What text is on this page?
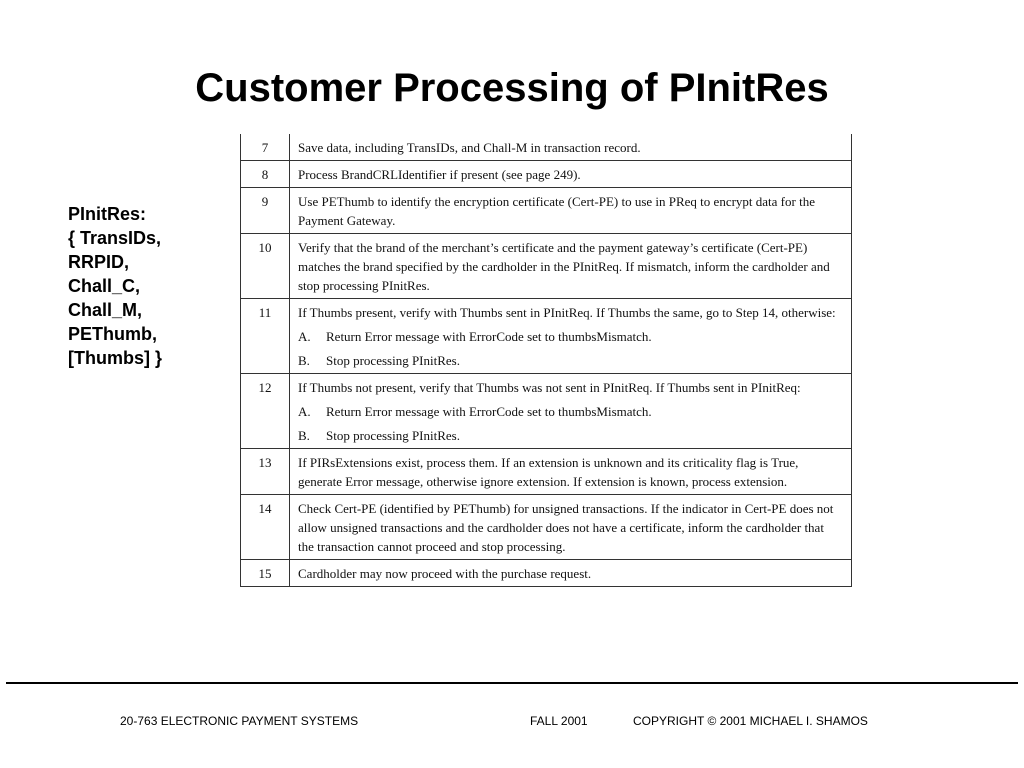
Customer Processing of PInitRes
PInitRes:
{ TransIDs,
RRPID,
Chall_C,
Chall_M,
PEThumb,
[Thumbs] }
7	Save data, including TransIDs, and Chall-M in transaction record.

8	Process BrandCRLIdentifier if present (see page 249).

9	Use PEThumb to identify the encryption certificate (Cert-PE) to use in PReq to encrypt data for the Payment Gateway.

10	Verify that the brand of the merchant’s certificate and the payment gateway’s certificate (Cert-PE) matches the brand specified by the cardholder in the PInitReq. If mismatch, inform the cardholder and stop processing PInitRes.

11	If Thumbs present, verify with Thumbs sent in PInitReq. If Thumbs the same, go to Step 14, otherwise:
A. Return Error message with ErrorCode set to thumbsMismatch.
B. Stop processing PInitRes.

12	If Thumbs not present, verify that Thumbs was not sent in PInitReq. If Thumbs sent in PInitReq:
A. Return Error message with ErrorCode set to thumbsMismatch.
B. Stop processing PInitRes.

13	If PIRsExtensions exist, process them. If an extension is unknown and its criticality flag is True, generate Error message, otherwise ignore extension. If extension is known, process extension.

14	Check Cert-PE (identified by PEThumb) for unsigned transactions. If the indicator in Cert-PE does not allow unsigned transactions and the cardholder does not have a certificate, inform the cardholder that the transaction cannot proceed and stop processing.

15	Cardholder may now proceed with the purchase request.
20-763 ELECTRONIC PAYMENT SYSTEMS	FALL 2001	COPYRIGHT © 2001 MICHAEL I. SHAMOS
